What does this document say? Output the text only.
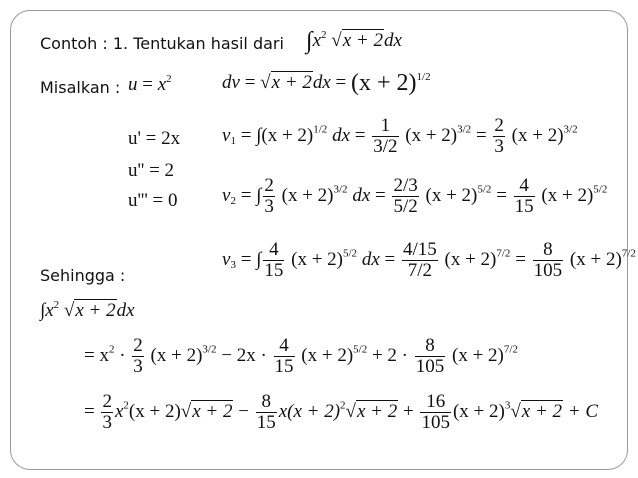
Contoh : 1. Tentukan hasil dari $\int x^2$ √x + 2dx
Misalkan : $u = x^2$	dv = $√x + 2dx = (x + 2)^{1/2}$
u' = 2x
u'' = 2
u''' = 0
$v_1 = \int(x + 2)^{1/2}$ dx = $\frac{1}{3/2} (x + 2)^{3/2} = \frac{2}{3} (x + 2)^{3/2}$
$v_2$ = ∫ $\frac{2}{3} (x + 2)^{3/2}$ dx = $\frac{2/3}{5/2} (x + 2)^{5/2} = \frac{4}{15} (x + 2)^{5/2}$
$v_3$ = ∫ $\frac{4}{15} (x + 2)^{5/2}$ dx = $\frac{4/15}{7/2} (x + 2)^{7/2} = \frac{8}{105} (x + 2)^{7/2}$
Sehingga :
$\int x^2$ √x + 2dx
= $x^2 \cdot \frac{2}{3} (x + 2)^{3/2} - 2x \cdot \frac{4}{15} (x + 2)^{5/2} + 2 \cdot \frac{8}{105} (x + 2)^{7/2}$
= $\frac{2}{3} x^2(x + 2)√x + 2 - \frac{8}{15} x(x + 2)^2√x + 2 + \frac{16}{105} (x + 2)^3√x + 2 + C$
